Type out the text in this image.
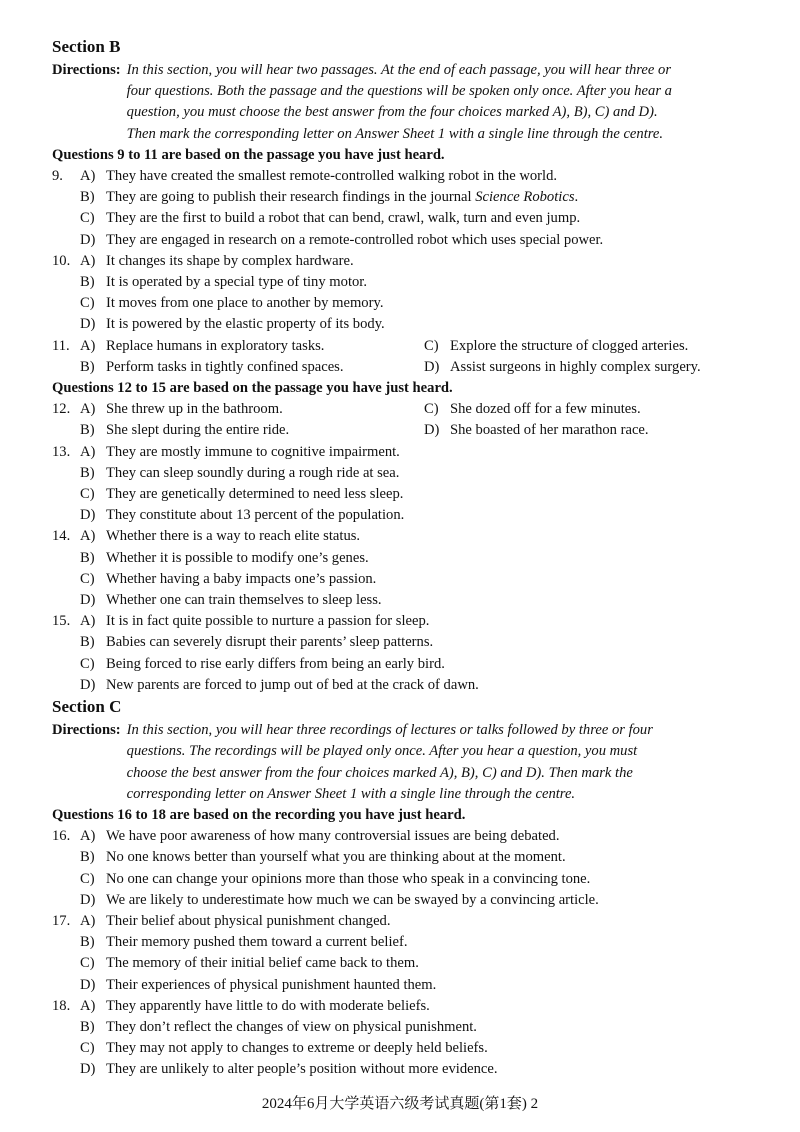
Section B

Directions: In this section, you will hear two passages. At the end of each passage, you will hear three or
four questions. Both the passage and the questions will be spoken only once. After you hear a
question, you must choose the best answer from the four choices marked A), B), C) and D).
Then mark the corresponding letter on Answer Sheet 1 with a single line through the centre.

Questions 9 to 11 are based on the passage you have just heard.

9.	A) They have created the smallest remote-controlled walking robot in the world.
B) They are going to publish their research findings in the journal Science Robotics.
C) They are the first to build a robot that can bend, crawl, walk, turn and even jump.
D) They are engaged in research on a remote-controlled robot which uses special power.
10. A) It changes its shape by complex hardware.
B) It is operated by a special type of tiny motor.
C) It moves from one place to another by memory.
D) It is powered by the elastic property of its body.
11. A) Replace humans in exploratory tasks.	C) Explore the structure of clogged arteries.
B) Perform tasks in tightly confined spaces.	D) Assist surgeons in highly complex surgery.

Questions 12 to 15 are based on the passage you have just heard.

12. A) She threw up in the bathroom.	C) She dozed off for a few minutes.
B) She slept during the entire ride.	D) She boasted of her marathon race.
13. A) They are mostly immune to cognitive impairment.
B) They can sleep soundly during a rough ride at sea.
C) They are genetically determined to need less sleep.
D) They constitute about 13 percent of the population.
14. A) Whether there is a way to reach elite status.
B) Whether it is possible to modify one’s genes.
C) Whether having a baby impacts one’s passion.
D) Whether one can train themselves to sleep less.
15. A) It is in fact quite possible to nurture a passion for sleep.
B) Babies can severely disrupt their parents’ sleep patterns.
C) Being forced to rise early differs from being an early bird.
D) New parents are forced to jump out of bed at the crack of dawn.

Section C

Directions: In this section, you will hear three recordings of lectures or talks followed by three or four
questions. The recordings will be played only once. After you hear a question, you must
choose the best answer from the four choices marked A), B), C) and D). Then mark the
corresponding letter on Answer Sheet 1 with a single line through the centre.

Questions 16 to 18 are based on the recording you have just heard.

16. A) We have poor awareness of how many controversial issues are being debated.
B) No one knows better than yourself what you are thinking about at the moment.
C) No one can change your opinions more than those who speak in a convincing tone.
D) We are likely to underestimate how much we can be swayed by a convincing article.
17. A) Their belief about physical punishment changed.
B) Their memory pushed them toward a current belief.
C) The memory of their initial belief came back to them.
D) Their experiences of physical punishment haunted them.
18. A) They apparently have little to do with moderate beliefs.
B) They don’t reflect the changes of view on physical punishment.
C) They may not apply to changes to extreme or deeply held beliefs.
D) They are unlikely to alter people’s position without more evidence.
2024年6月大学英语六级考试真题(第1套) 2
